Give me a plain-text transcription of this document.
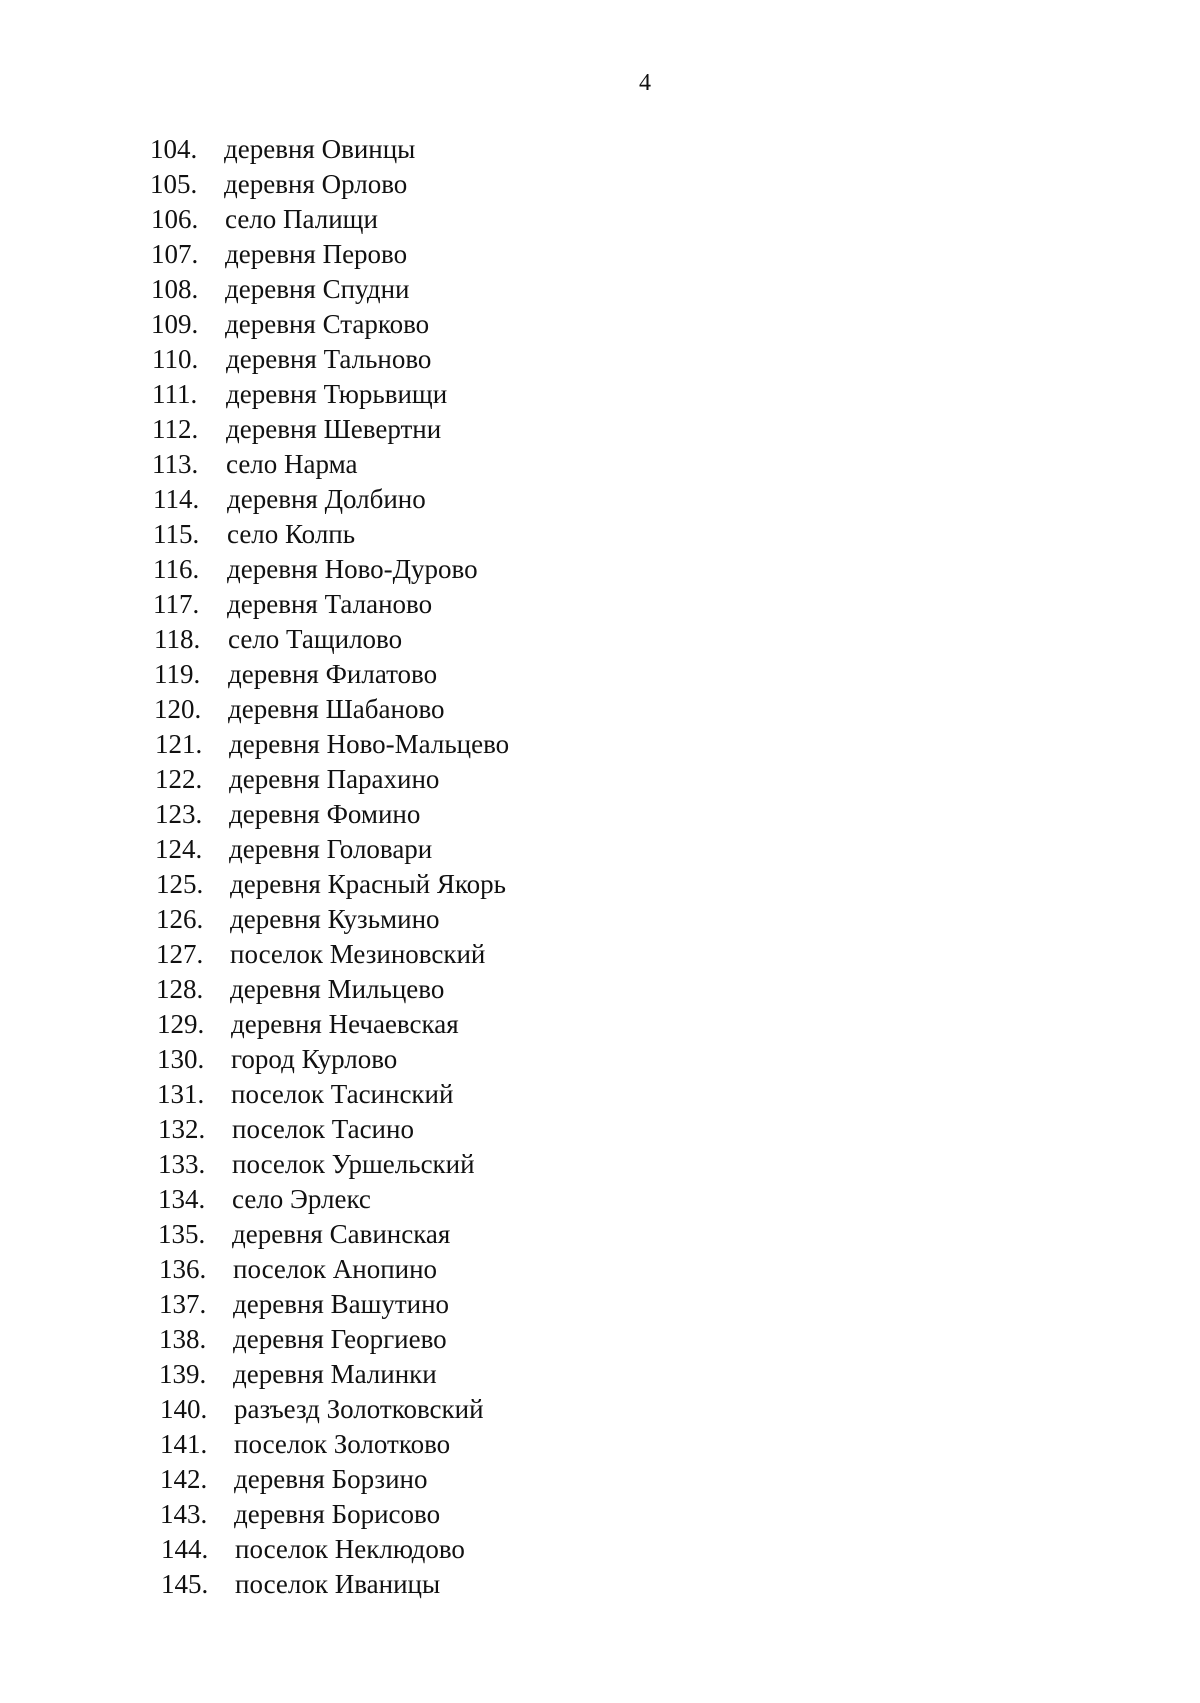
4
104. деревня Овинцы
105. деревня Орлово
106. село Палищи
107. деревня Перово
108. деревня Спудни
109. деревня Старково
110. деревня Тальново
111. деревня Тюрьвищи
112. деревня Шевертни
113. село Нарма
114. деревня Долбино
115. село Колпь
116. деревня Ново-Дурово
117. деревня Таланово
118. село Тащилово
119. деревня Филатово
120. деревня Шабаново
121. деревня Ново-Мальцево
122. деревня Парахино
123. деревня Фомино
124. деревня Головари
125. деревня Красный Якорь
126. деревня Кузьмино
127. поселок Мезиновский
128. деревня Мильцево
129. деревня Нечаевская
130. город Курлово
131. поселок Тасинский
132. поселок Тасино
133. поселок Уршельский
134. село Эрлекс
135. деревня Савинская
136. поселок Анопино
137. деревня Вашутино
138. деревня Георгиево
139. деревня Малинки
140. разъезд Золотковский
141. поселок Золотково
142. деревня Борзино
143. деревня Борисово
144. поселок Неклюдово
145. поселок Иваницы
